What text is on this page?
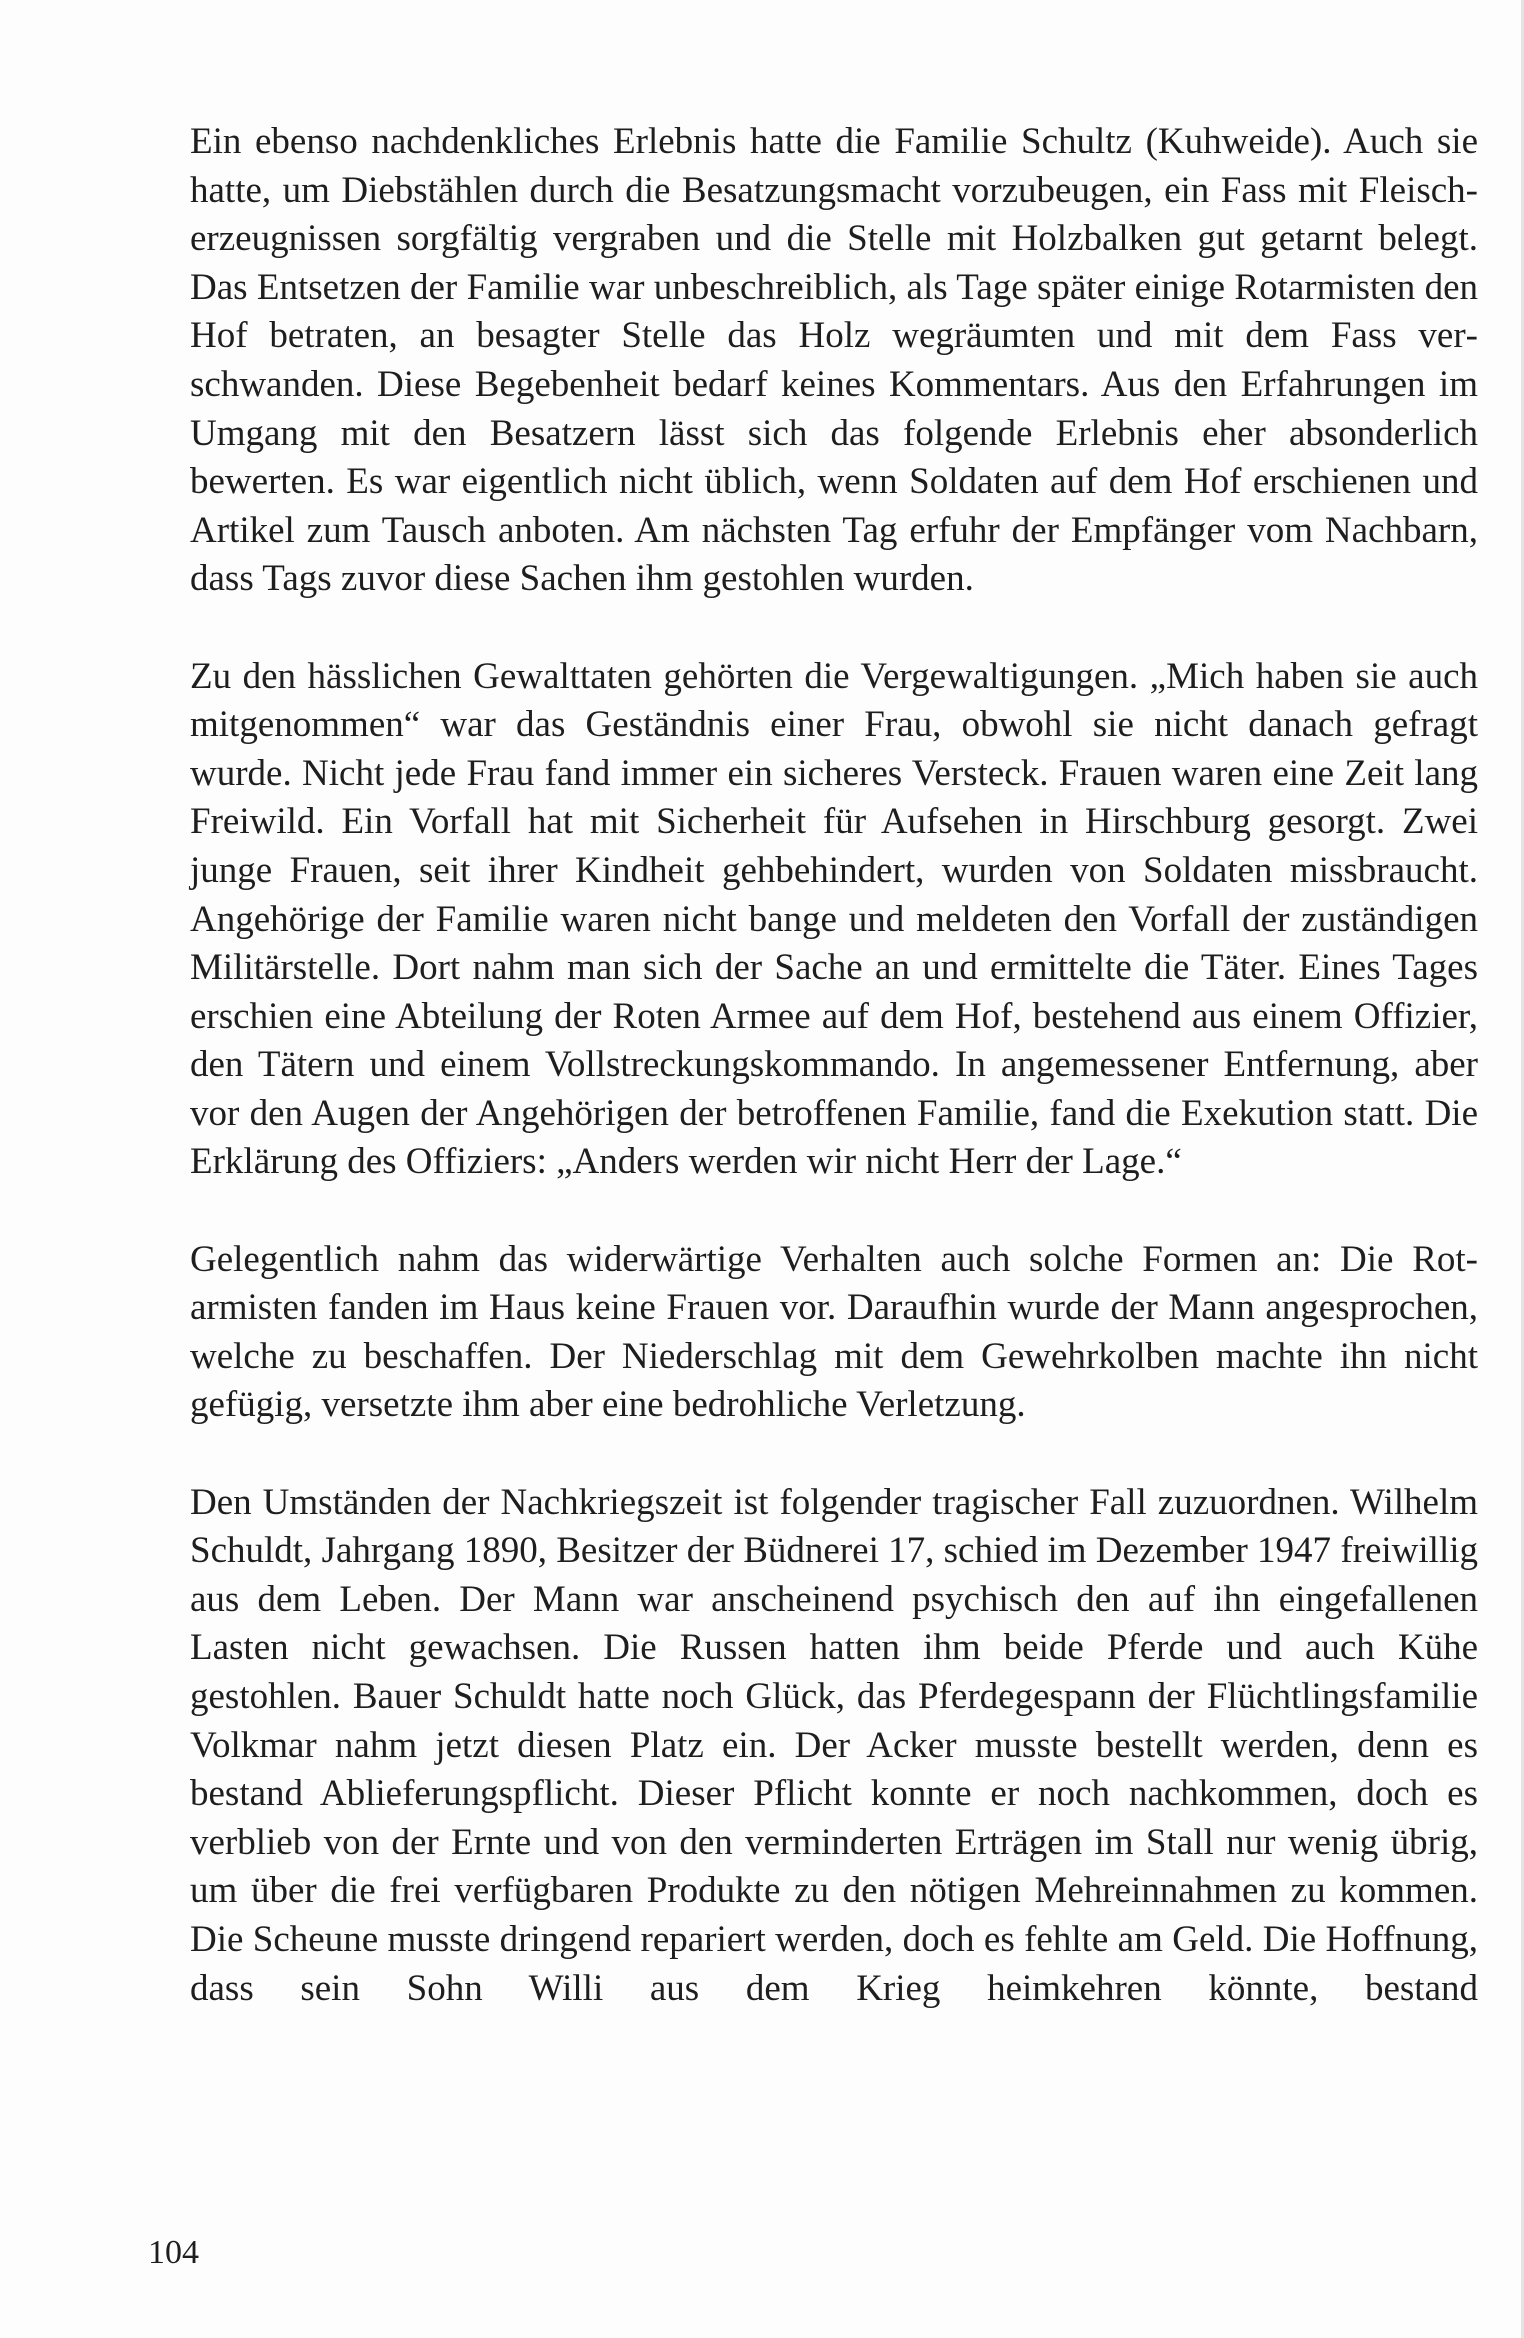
Ein ebenso nachdenkliches Erlebnis hatte die Familie Schultz (Kuhweide). Auch sie hatte, um Diebstählen durch die Besatzungsmacht vorzubeugen, ein Fass mit Fleischerzeugnissen sorgfältig vergraben und die Stelle mit Holzbalken gut getarnt belegt. Das Entsetzen der Familie war unbeschreiblich, als Tage später einige Rotarmisten den Hof betraten, an besagter Stelle das Holz wegräumten und mit dem Fass verschwanden. Diese Begebenheit bedarf keines Kommentars. Aus den Erfahrungen im Umgang mit den Besatzern lässt sich das folgende Erlebnis eher absonderlich bewerten. Es war eigentlich nicht üblich, wenn Soldaten auf dem Hof erschienen und Artikel zum Tausch anboten. Am nächsten Tag erfuhr der Empfänger vom Nachbarn, dass Tags zuvor diese Sachen ihm gestohlen wurden.

Zu den hässlichen Gewalttaten gehörten die Vergewaltigungen. „Mich haben sie auch mitgenommen“ war das Geständnis einer Frau, obwohl sie nicht danach gefragt wurde. Nicht jede Frau fand immer ein sicheres Versteck. Frauen waren eine Zeit lang Freiwild. Ein Vorfall hat mit Sicherheit für Aufsehen in Hirschburg gesorgt. Zwei junge Frauen, seit ihrer Kindheit gehbehindert, wurden von Soldaten missbraucht. Angehörige der Familie waren nicht bange und meldeten den Vorfall der zuständigen Militärstelle. Dort nahm man sich der Sache an und ermittelte die Täter. Eines Tages erschien eine Abteilung der Roten Armee auf dem Hof, bestehend aus einem Offizier, den Tätern und einem Vollstreckungskommando. In angemessener Entfernung, aber vor den Augen der Angehörigen der betroffenen Familie, fand die Exekution statt. Die Erklärung des Offiziers: „Anders werden wir nicht Herr der Lage.“

Gelegentlich nahm das widerwärtige Verhalten auch solche Formen an: Die Rotarmisten fanden im Haus keine Frauen vor. Daraufhin wurde der Mann angesprochen, welche zu beschaffen. Der Niederschlag mit dem Gewehrkolben machte ihn nicht gefügig, versetzte ihm aber eine bedrohliche Verletzung.

Den Umständen der Nachkriegszeit ist folgender tragischer Fall zuzuordnen. Wilhelm Schuldt, Jahrgang 1890, Besitzer der Büdnerei 17, schied im Dezember 1947 freiwillig aus dem Leben. Der Mann war anscheinend psychisch den auf ihn eingefallenen Lasten nicht gewachsen. Die Russen hatten ihm beide Pferde und auch Kühe gestohlen. Bauer Schuldt hatte noch Glück, das Pferdegespann der Flüchtlingsfamilie Volkmar nahm jetzt diesen Platz ein. Der Acker musste bestellt werden, denn es bestand Ablieferungspflicht. Dieser Pflicht konnte er noch nachkommen, doch es verblieb von der Ernte und von den verminderten Erträgen im Stall nur wenig übrig, um über die frei verfügbaren Produkte zu den nötigen Mehreinnahmen zu kommen. Die Scheune musste dringend repariert werden, doch es fehlte am Geld. Die Hoffnung, dass sein Sohn Willi aus dem Krieg heimkehren könnte, bestand

104
